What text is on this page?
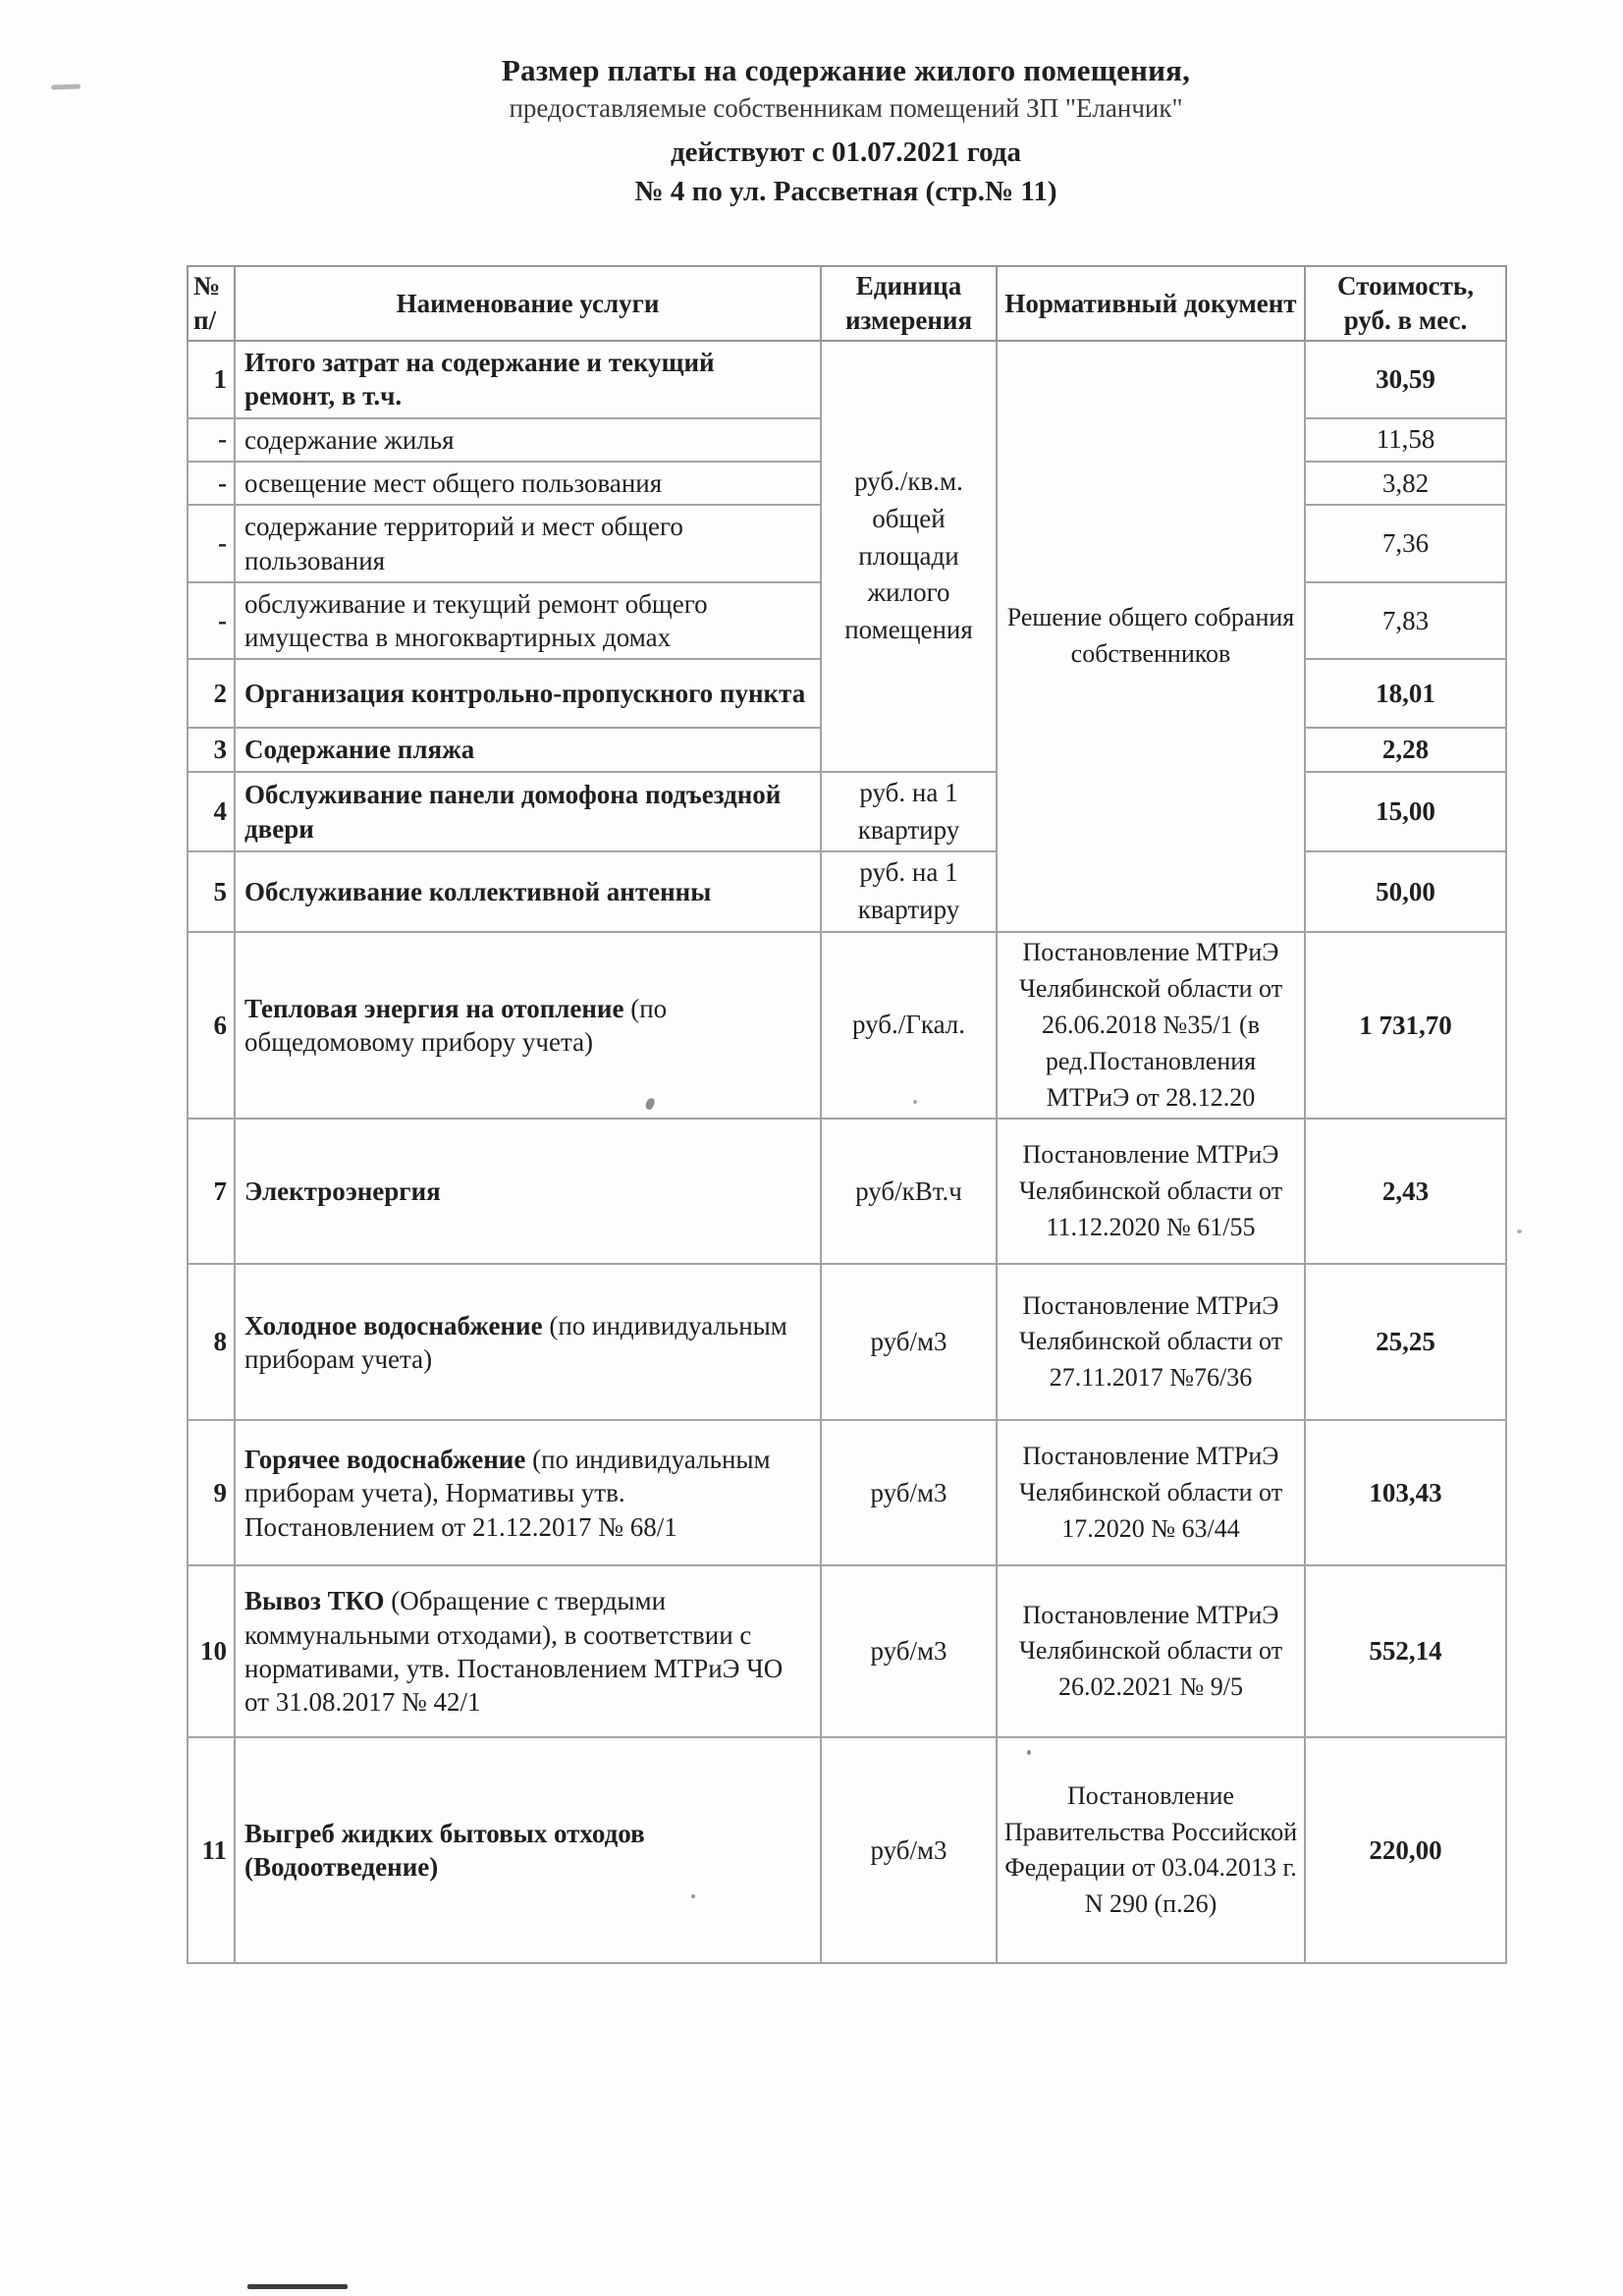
Размер платы на содержание жилого помещения,
предоставляемые собственникам помещений ЗП "Еланчик"
действуют с 01.07.2021 года
№ 4 по ул. Рассветная (стр.№ 11)
№ п/	Наименование услуги	Единица измерения	Нормативный документ	Стоимость, руб. в мес.
1	Итого затрат на содержание и текущий ремонт, в т.ч.	руб./кв.м. общей площади жилого помещения	Решение общего собрания собственников	30,59
-	содержание жилья			11,58
-	освещение мест общего пользования			3,82
-	содержание территорий и мест общего пользования			7,36
-	обслуживание и текущий ремонт общего имущества в многоквартирных домах			7,83
2	Организация контрольно-пропускного пункта			18,01
3	Содержание пляжа			2,28
4	Обслуживание панели домофона подъездной двери	руб. на 1 квартиру		15,00
5	Обслуживание коллективной антенны	руб. на 1 квартиру		50,00
6	Тепловая энергия на отопление (по общедомовому прибору учета)	руб./Гкал.	Постановление МТРиЭ Челябинской области от 26.06.2018 №35/1 (в ред.Постановления МТРиЭ от 28.12.20	1 731,70
7	Электроэнергия	руб/кВт.ч	Постановление МТРиЭ Челябинской области от 11.12.2020 № 61/55	2,43
8	Холодное водоснабжение (по индивидуальным приборам учета)	руб/м3	Постановление МТРиЭ Челябинской области от 27.11.2017 №76/36	25,25
9	Горячее водоснабжение (по индивидуальным приборам учета), Нормативы утв. Постановлением от 21.12.2017 № 68/1	руб/м3	Постановление МТРиЭ Челябинской области от 17.2020 № 63/44	103,43
10	Вывоз ТКО (Обращение с твердыми коммунальными отходами), в соответствии с нормативами, утв. Постановлением МТРиЭ ЧО от 31.08.2017 № 42/1	руб/м3	Постановление МТРиЭ Челябинской области от 26.02.2021 № 9/5	552,14
11	Выгреб жидких бытовых отходов (Водоотведение)	руб/м3	Постановление Правительства Российской Федерации от 03.04.2013 г. N 290 (п.26)	220,00
